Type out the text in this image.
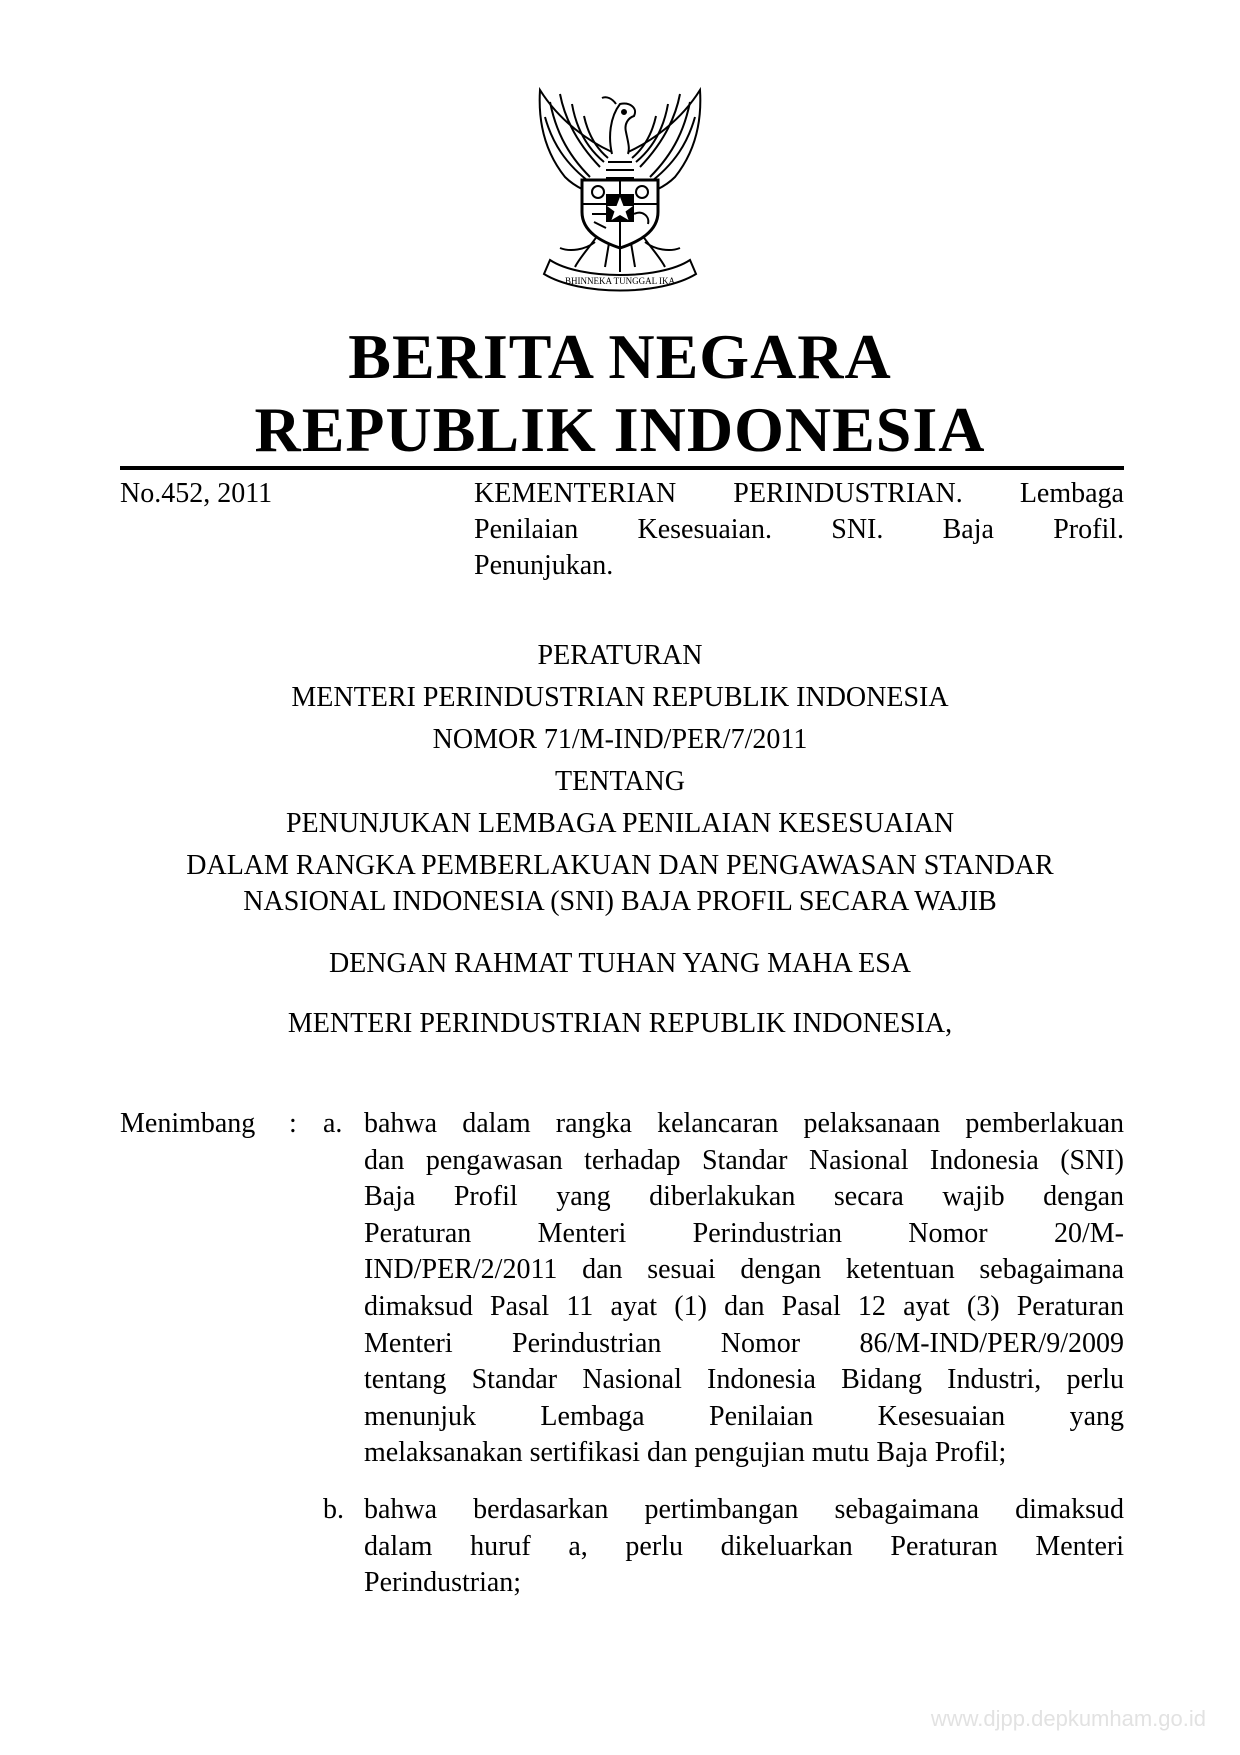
BHINNEKA TUNGGAL IKA
BERITA NEGARA
REPUBLIK INDONESIA
No.452, 2011	KEMENTERIAN PERINDUSTRIAN. Lembaga
Penilaian Kesesuaian. SNI. Baja Profil.
Penunjukan.
PERATURAN
MENTERI PERINDUSTRIAN REPUBLIK INDONESIA
NOMOR 71/M-IND/PER/7/2011
TENTANG
PENUNJUKAN LEMBAGA PENILAIAN KESESUAIAN
DALAM RANGKA PEMBERLAKUAN DAN PENGAWASAN STANDAR
NASIONAL INDONESIA (SNI) BAJA PROFIL SECARA WAJIB
DENGAN RAHMAT TUHAN YANG MAHA ESA
MENTERI PERINDUSTRIAN REPUBLIK INDONESIA,
Menimbang : a. bahwa dalam rangka kelancaran pelaksanaan pemberlakuan
dan pengawasan terhadap Standar Nasional Indonesia (SNI)
Baja Profil yang diberlakukan secara wajib dengan
Peraturan Menteri Perindustrian Nomor 20/M-
IND/PER/2/2011 dan sesuai dengan ketentuan sebagaimana
dimaksud Pasal 11 ayat (1) dan Pasal 12 ayat (3) Peraturan
Menteri Perindustrian Nomor 86/M-IND/PER/9/2009
tentang Standar Nasional Indonesia Bidang Industri, perlu
menunjuk Lembaga Penilaian Kesesuaian yang
melaksanakan sertifikasi dan pengujian mutu Baja Profil;
b. bahwa berdasarkan pertimbangan sebagaimana dimaksud
dalam huruf a, perlu dikeluarkan Peraturan Menteri
Perindustrian;
www.djpp.depkumham.go.id
